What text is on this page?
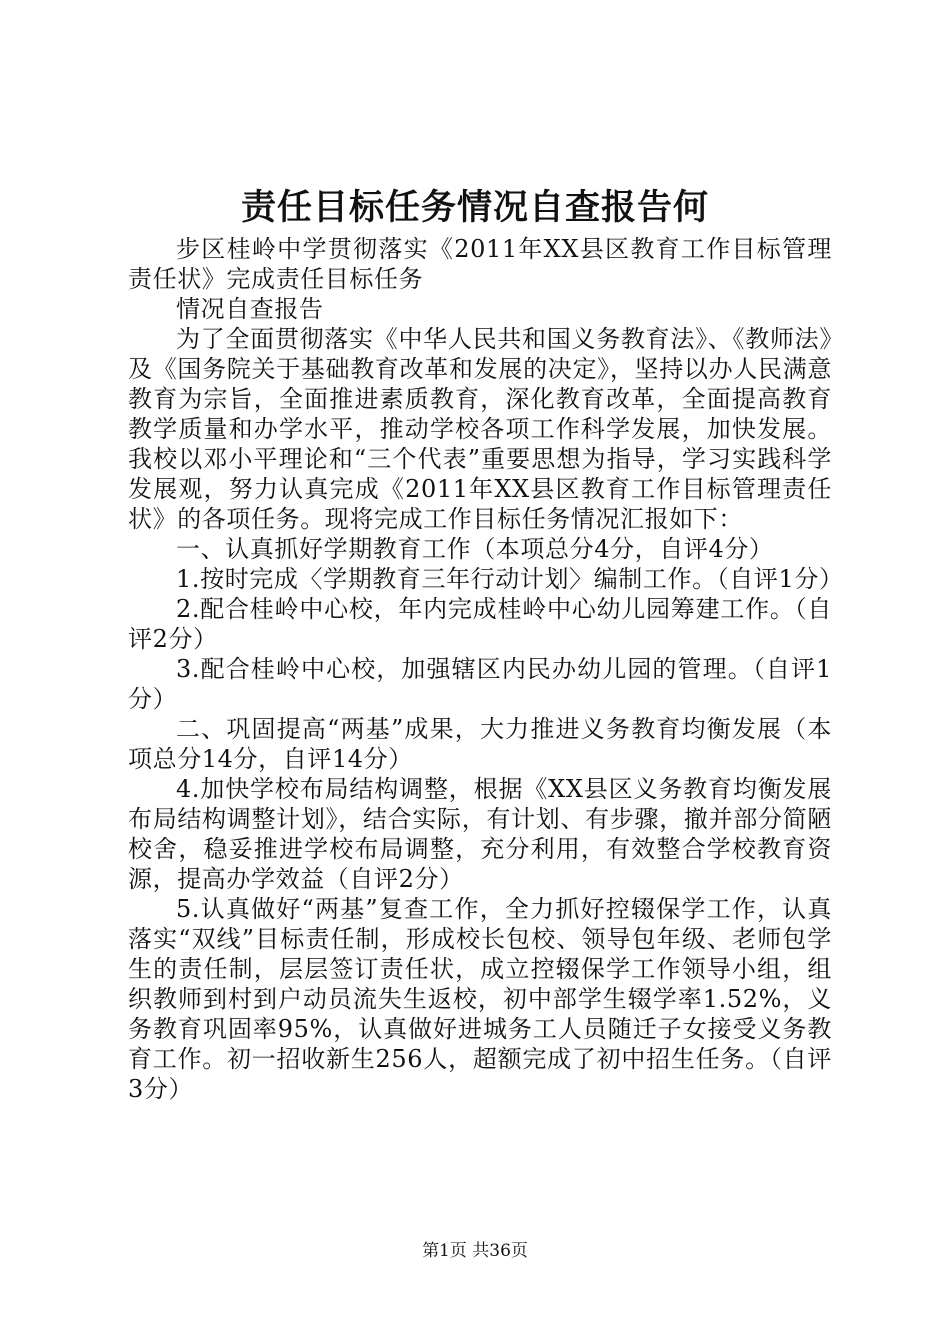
责任目标任务情况自查报告何

步区桂岭中学贯彻落实《2011年XX县区教育工作目标管理责任状》完成责任目标任务

情况自查报告

为了全面贯彻落实《中华人民共和国义务教育法》、《教师法》及《国务院关于基础教育改革和发展的决定》，坚持以办人民满意教育为宗旨，全面推进素质教育，深化教育改革，全面提高教育教学质量和办学水平，推动学校各项工作科学发展，加快发展。我校以邓小平理论和“三个代表”重要思想为指导，学习实践科学发展观，努力认真完成《2011年XX县区教育工作目标管理责任状》的各项任务。现将完成工作目标任务情况汇报如下：

一、认真抓好学期教育工作（本项总分4分，自评4分）

1.按时完成〈学期教育三年行动计划〉编制工作。（自评1分）

2.配合桂岭中心校，年内完成桂岭中心幼儿园筹建工作。（自评2分）

3.配合桂岭中心校，加强辖区内民办幼儿园的管理。（自评1分）

二、巩固提高“两基”成果，大力推进义务教育均衡发展（本项总分14分，自评14分）

4.加快学校布局结构调整，根据《XX县区义务教育均衡发展布局结构调整计划》，结合实际，有计划、有步骤，撤并部分简陋校舍，稳妥推进学校布局调整，充分利用，有效整合学校教育资源，提高办学效益（自评2分）

5.认真做好“两基”复查工作，全力抓好控辍保学工作，认真落实“双线”目标责任制，形成校长包校、领导包年级、老师包学生的责任制，层层签订责任状，成立控辍保学工作领导小组，组织教师到村到户动员流失生返校，初中部学生辍学率1.52%，义务教育巩固率95%，认真做好进城务工人员随迁子女接受义务教育工作。初一招收新生256人，超额完成了初中招生任务。（自评3分）

第1页 共36页
